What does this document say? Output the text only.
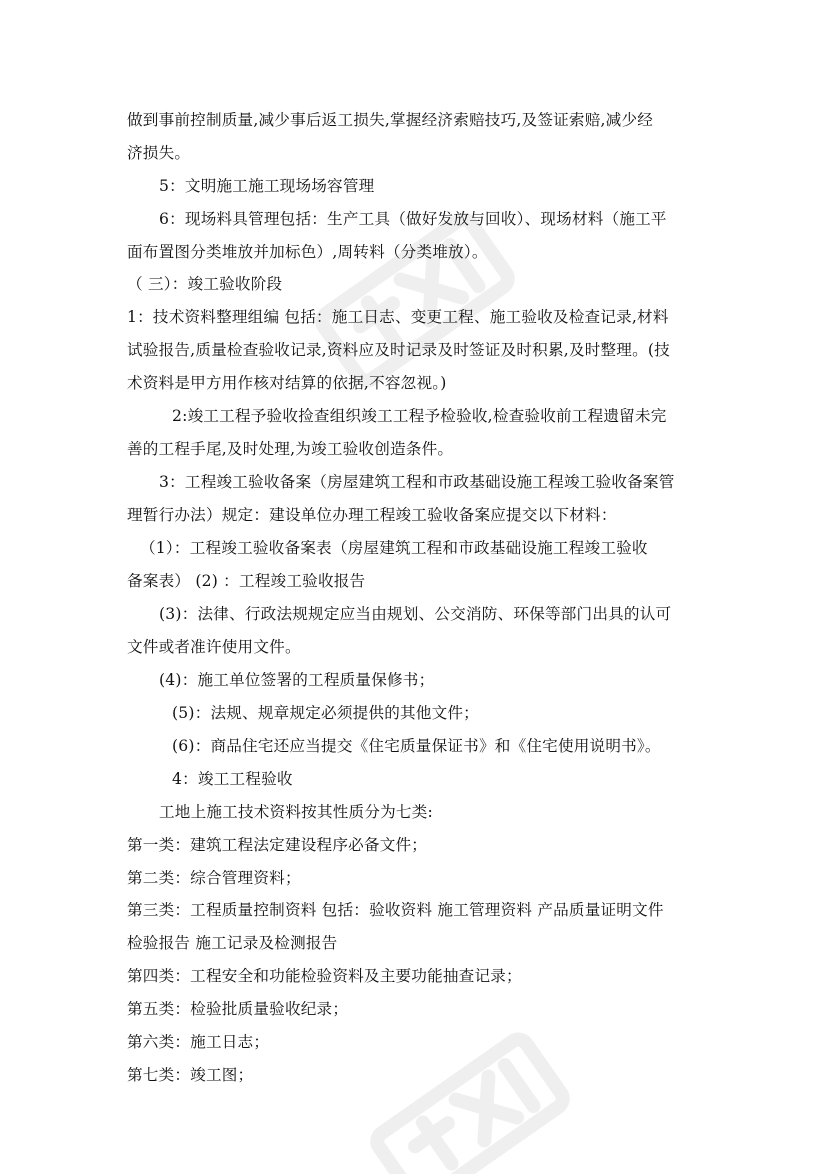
做到事前控制质量,减少事后返工损失,掌握经济索赔技巧,及签证索赔,减少经
济损失。
5：文明施工施工现场场容管理
6：现场料具管理包括：生产工具（做好发放与回收）、现场材料（施工平
面布置图分类堆放并加标色）,周转料（分类堆放）。
（ 三）：竣工验收阶段
1：技术资料整理组编 包括：施工日志、变更工程、施工验收及检查记录,材料
试验报告,质量检查验收记录,资料应及时记录及时签证及时积累,及时整理。(技
术资料是甲方用作核对结算的依据,不容忽视。)
2:竣工工程予验收捡查组织竣工工程予检验收,检查验收前工程遗留未完
善的工程手尾,及时处理,为竣工验收创造条件。
3：工程竣工验收备案（房屋建筑工程和市政基础设施工程竣工验收备案管
理暂行办法）规定：建设单位办理工程竣工验收备案应提交以下材料：
（1）：工程竣工验收备案表（房屋建筑工程和市政基础设施工程竣工验收
备案表） (2) ：工程竣工验收报告
(3)：法律、行政法规规定应当由规划、公交消防、环保等部门出具的认可
文件或者准许使用文件。
(4)：施工单位签署的工程质量保修书；
(5)：法规、规章规定必须提供的其他文件；
(6)：商品住宅还应当提交《住宅质量保证书》和《住宅使用说明书》。
4：竣工工程验收
工地上施工技术资料按其性质分为七类:
第一类：建筑工程法定建设程序必备文件；
第二类：综合管理资料；
第三类：工程质量控制资料 包括：验收资料 施工管理资料 产品质量证明文件
检验报告 施工记录及检测报告
第四类：工程安全和功能检验资料及主要功能抽查记录；
第五类：检验批质量验收纪录；
第六类：施工日志；
第七类：竣工图；
